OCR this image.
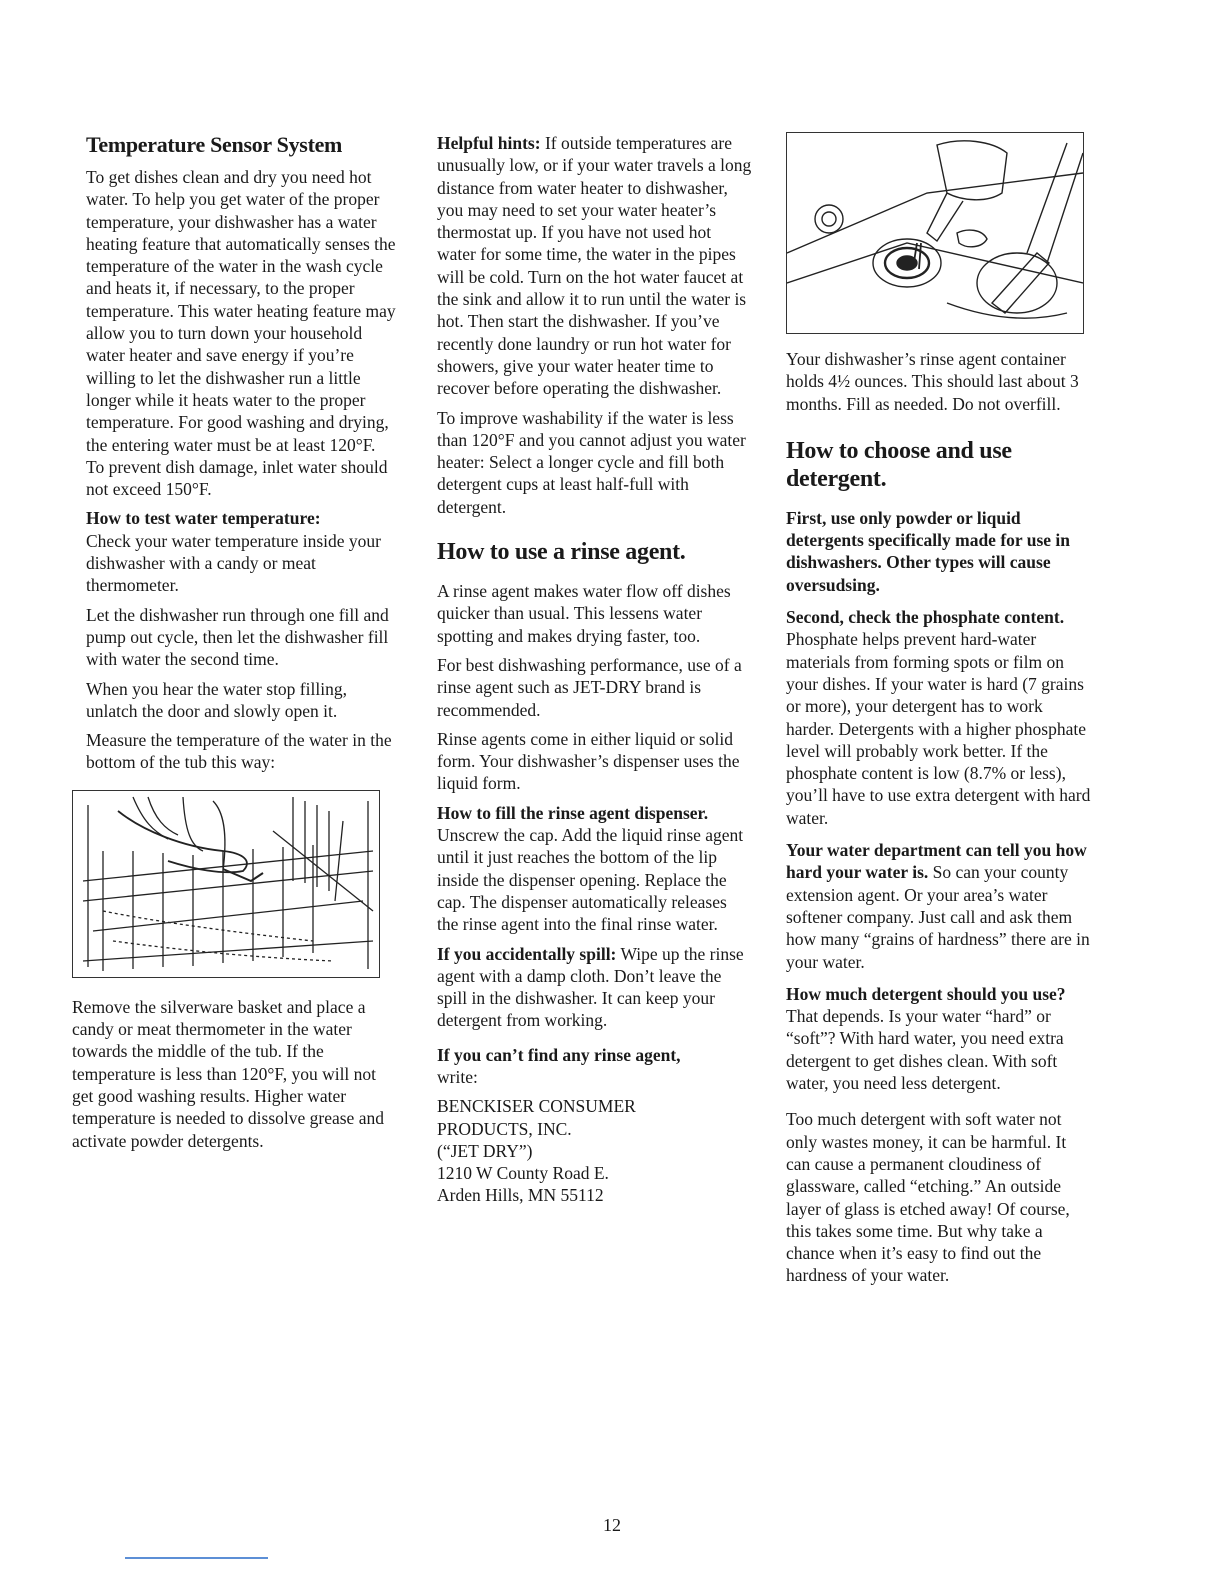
Temperature Sensor System

To get dishes clean and dry you need hot water. To help you get water of the proper temperature, your dishwasher has a water heating feature that automatically senses the temperature of the water in the wash cycle and heats it, if necessary, to the proper temperature. This water heating feature may allow you to turn down your household water heater and save energy if you’re willing to let the dishwasher run a little longer while it heats water to the proper temperature. For good washing and drying, the entering water must be at least 120°F. To prevent dish damage, inlet water should not exceed 150°F.

How to test water temperature:
Check your water temperature inside your dishwasher with a candy or meat thermometer.

Let the dishwasher run through one fill and pump out cycle, then let the dishwasher fill with water the second time.

When you hear the water stop filling, unlatch the door and slowly open it.

Measure the temperature of the water in the bottom of the tub this way:

Remove the silverware basket and place a candy or meat thermometer in the water towards the middle of the tub. If the temperature is less than 120°F, you will not get good washing results. Higher water temperature is needed to dissolve grease and activate powder detergents.

Helpful hints: If outside temperatures are unusually low, or if your water travels a long distance from water heater to dishwasher, you may need to set your water heater’s thermostat up. If you have not used hot water for some time, the water in the pipes will be cold. Turn on the hot water faucet at the sink and allow it to run until the water is hot. Then start the dishwasher. If you’ve recently done laundry or run hot water for showers, give your water heater time to recover before operating the dishwasher.

To improve washability if the water is less than 120°F and you cannot adjust you water heater: Select a longer cycle and fill both detergent cups at least half-full with detergent.

How to use a rinse agent.

A rinse agent makes water flow off dishes quicker than usual. This lessens water spotting and makes drying faster, too.

For best dishwashing performance, use of a rinse agent such as JET-DRY brand is recommended.

Rinse agents come in either liquid or solid form. Your dishwasher’s dispenser uses the liquid form.

How to fill the rinse agent dispenser. Unscrew the cap. Add the liquid rinse agent until it just reaches the bottom of the lip inside the dispenser opening. Replace the cap. The dispenser automatically releases the rinse agent into the final rinse water.

If you accidentally spill: Wipe up the rinse agent with a damp cloth. Don’t leave the spill in the dishwasher. It can keep your detergent from working.

If you can’t find any rinse agent,
write:

BENCKISER CONSUMER

PRODUCTS, INC.

(“JET DRY”)

1210 W County Road E.

Arden Hills, MN 55112

Your dishwasher’s rinse agent container holds 4½ ounces. This should last about 3 months. Fill as needed. Do not overfill.

How to choose and use detergent.

First, use only powder or liquid detergents specifically made for use in dishwashers. Other types will cause oversudsing.

Second, check the phosphate content. Phosphate helps prevent hard-water materials from forming spots or film on your dishes. If your water is hard (7 grains or more), your detergent has to work harder. Detergents with a higher phosphate level will probably work better. If the phosphate content is low (8.7% or less), you’ll have to use extra detergent with hard water.

Your water department can tell you how hard your water is. So can your county extension agent. Or your area’s water softener company. Just call and ask them how many “grains of hardness” there are in your water.

How much detergent should you use? That depends. Is your water “hard” or “soft”? With hard water, you need extra detergent to get dishes clean. With soft water, you need less detergent.

Too much detergent with soft water not only wastes money, it can be harmful. It can cause a permanent cloudiness of glassware, called “etching.” An outside layer of glass is etched away! Of course, this takes some time. But why take a chance when it’s easy to find out the hardness of your water.

12
